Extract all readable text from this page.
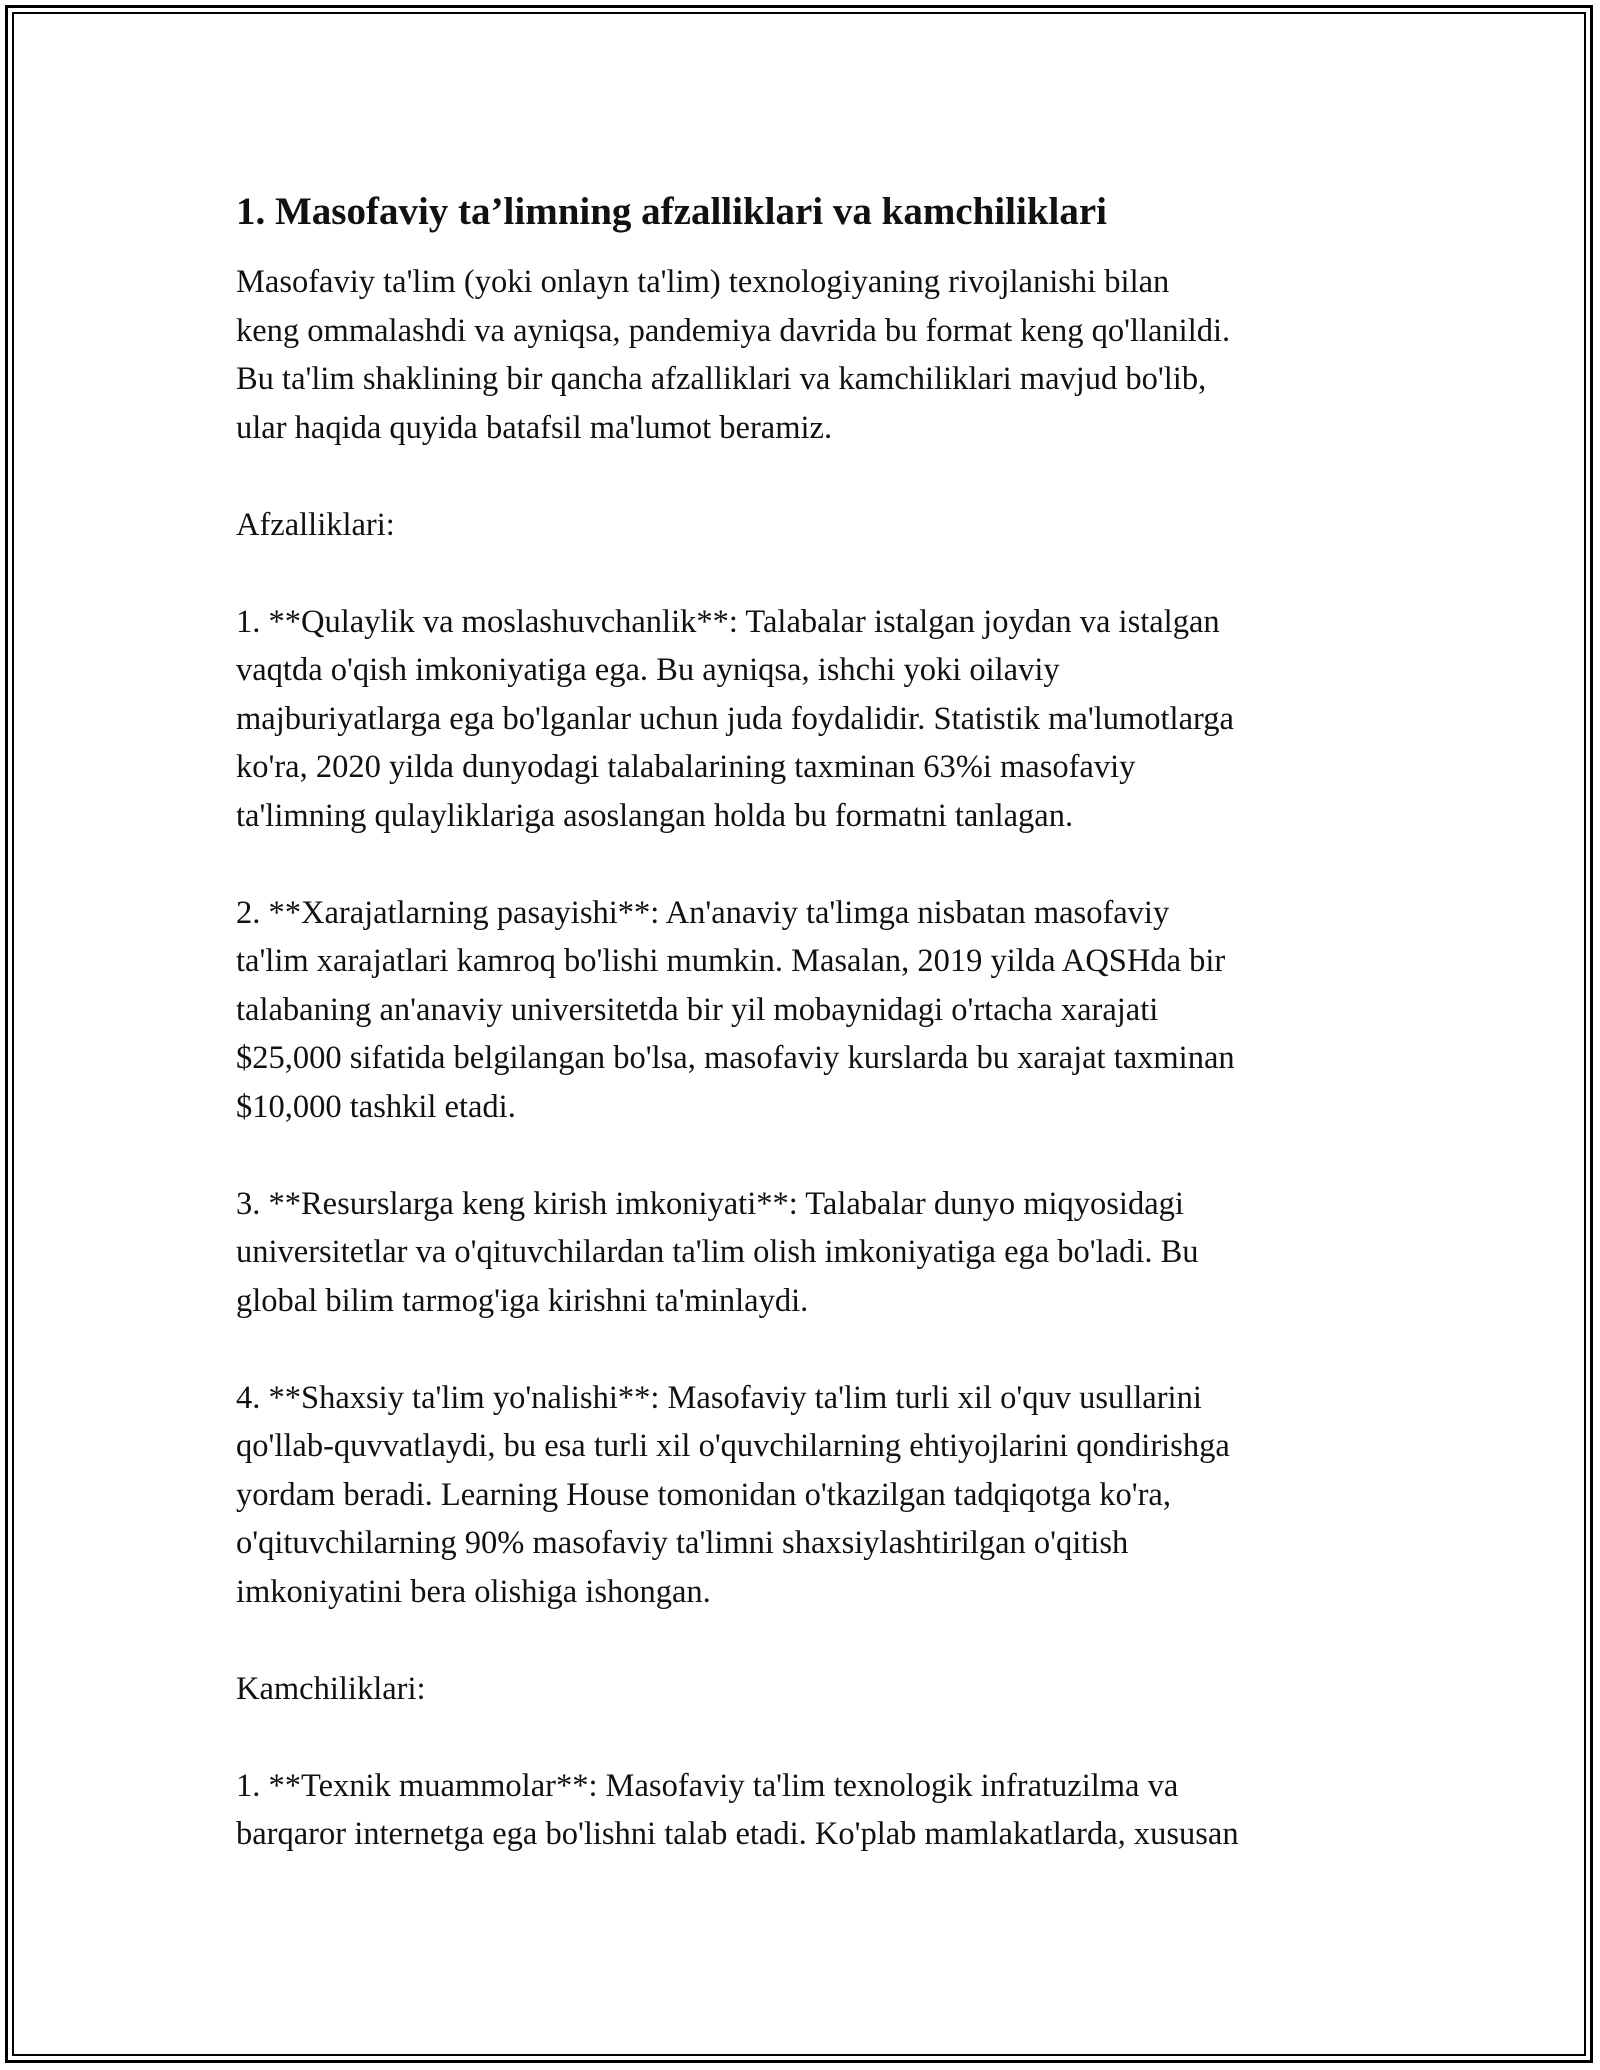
1. Masofaviy ta’limning afzalliklari va kamchiliklari

Masofaviy ta'lim (yoki onlayn ta'lim) texnologiyaning rivojlanishi bilan
keng ommalashdi va ayniqsa, pandemiya davrida bu format keng qo'llanildi.
Bu ta'lim shaklining bir qancha afzalliklari va kamchiliklari mavjud bo'lib,
ular haqida quyida batafsil ma'lumot beramiz.

Afzalliklari:

1. **Qulaylik va moslashuvchanlik**: Talabalar istalgan joydan va istalgan
vaqtda o'qish imkoniyatiga ega. Bu ayniqsa, ishchi yoki oilaviy
majburiyatlarga ega bo'lganlar uchun juda foydalidir. Statistik ma'lumotlarga
ko'ra, 2020 yilda dunyodagi talabalarining taxminan 63%i masofaviy
ta'limning qulayliklariga asoslangan holda bu formatni tanlagan.

2. **Xarajatlarning pasayishi**: An'anaviy ta'limga nisbatan masofaviy
ta'lim xarajatlari kamroq bo'lishi mumkin. Masalan, 2019 yilda AQSHda bir
talabaning an'anaviy universitetda bir yil mobaynidagi o'rtacha xarajati
$25,000 sifatida belgilangan bo'lsa, masofaviy kurslarda bu xarajat taxminan
$10,000 tashkil etadi.

3. **Resurslarga keng kirish imkoniyati**: Talabalar dunyo miqyosidagi
universitetlar va o'qituvchilardan ta'lim olish imkoniyatiga ega bo'ladi. Bu
global bilim tarmog'iga kirishni ta'minlaydi.

4. **Shaxsiy ta'lim yo'nalishi**: Masofaviy ta'lim turli xil o'quv usullarini
qo'llab-quvvatlaydi, bu esa turli xil o'quvchilarning ehtiyojlarini qondirishga
yordam beradi. Learning House tomonidan o'tkazilgan tadqiqotga ko'ra,
o'qituvchilarning 90% masofaviy ta'limni shaxsiylashtirilgan o'qitish
imkoniyatini bera olishiga ishongan.

Kamchiliklari:

1. **Texnik muammolar**: Masofaviy ta'lim texnologik infratuzilma va
barqaror internetga ega bo'lishni talab etadi. Ko'plab mamlakatlarda, xususan
